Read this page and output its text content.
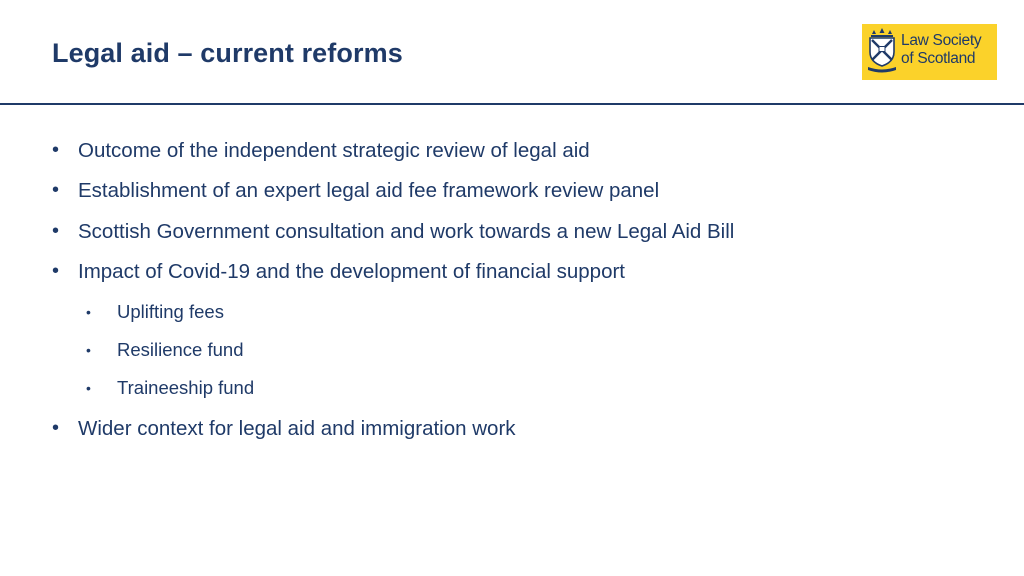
Legal aid – current reforms	Law Society
of Scotland
• Outcome of the independent strategic review of legal aid
• Establishment of an expert legal aid fee framework review panel
• Scottish Government consultation and work towards a new Legal Aid Bill
• Impact of Covid-19 and the development of financial support
• Uplifting fees
• Resilience fund
• Traineeship fund
• Wider context for legal aid and immigration work
